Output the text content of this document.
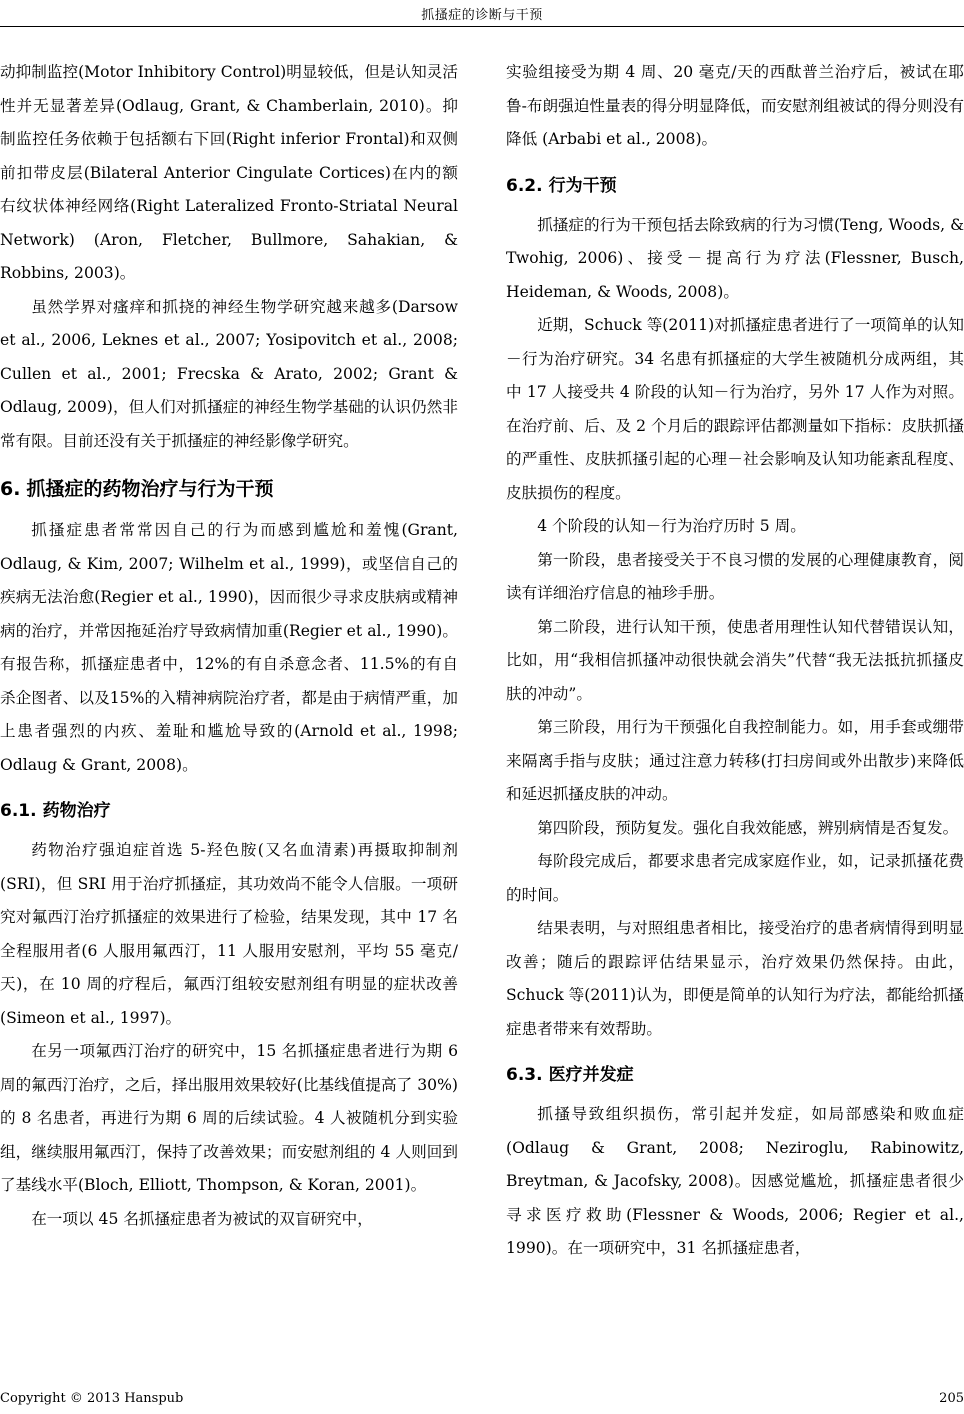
抓搔症的诊断与干预

动抑制监控(Motor Inhibitory Control)明显较低，但是认知灵活性并无显著差异(Odlaug, Grant, & Chamberlain, 2010)。抑制监控任务依赖于包括额右下回(Right inferior Frontal)和双侧前扣带皮层(Bilateral Anterior Cingulate Cortices)在内的额右纹状体神经网络(Right Lateralized Fronto-Striatal Neural Network) (Aron, Fletcher, Bullmore, Sahakian, & Robbins, 2003)。

虽然学界对瘙痒和抓挠的神经生物学研究越来越多(Darsow et al., 2006, Leknes et al., 2007; Yosipovitch et al., 2008; Cullen et al., 2001; Frecska & Arato, 2002; Grant & Odlaug, 2009)，但人们对抓搔症的神经生物学基础的认识仍然非常有限。目前还没有关于抓搔症的神经影像学研究。

6. 抓搔症的药物治疗与行为干预

抓搔症患者常常因自己的行为而感到尴尬和羞愧(Grant, Odlaug, & Kim, 2007; Wilhelm et al., 1999)，或坚信自己的疾病无法治愈(Regier et al., 1990)，因而很少寻求皮肤病或精神病的治疗，并常因拖延治疗导致病情加重(Regier et al., 1990)。有报告称，抓搔症患者中，12%的有自杀意念者、11.5%的有自杀企图者、以及15%的入精神病院治疗者，都是由于病情严重，加上患者强烈的内疚、羞耻和尴尬导致的(Arnold et al., 1998; Odlaug & Grant, 2008)。

6.1. 药物治疗

药物治疗强迫症首选 5-羟色胺(又名血清素)再摄取抑制剂(SRI)，但 SRI 用于治疗抓搔症，其功效尚不能令人信服。一项研究对氟西汀治疗抓搔症的效果进行了检验，结果发现，其中 17 名全程服用者(6 人服用氟西汀，11 人服用安慰剂，平均 55 毫克/天)，在 10 周的疗程后，氟西汀组较安慰剂组有明显的症状改善 (Simeon et al., 1997)。

在另一项氟西汀治疗的研究中，15 名抓搔症患者进行为期 6 周的氟西汀治疗，之后，择出服用效果较好(比基线值提高了 30%)的 8 名患者，再进行为期 6 周的后续试验。4 人被随机分到实验组，继续服用氟西汀，保持了改善效果；而安慰剂组的 4 人则回到了基线水平(Bloch, Elliott, Thompson, & Koran, 2001)。

在一项以 45 名抓搔症患者为被试的双盲研究中，

实验组接受为期 4 周、20 毫克/天的西酞普兰治疗后，被试在耶鲁-布朗强迫性量表的得分明显降低，而安慰剂组被试的得分则没有降低 (Arbabi et al., 2008)。

6.2. 行为干预

抓搔症的行为干预包括去除致病的行为习惯(Teng, Woods, & Twohig, 2006)、接受－提高行为疗法(Flessner, Busch, Heideman, & Woods, 2008)。

近期，Schuck 等(2011)对抓搔症患者进行了一项简单的认知－行为治疗研究。34 名患有抓搔症的大学生被随机分成两组，其中 17 人接受共 4 阶段的认知－行为治疗，另外 17 人作为对照。在治疗前、后、及 2 个月后的跟踪评估都测量如下指标：皮肤抓搔的严重性、皮肤抓搔引起的心理－社会影响及认知功能紊乱程度、皮肤损伤的程度。

4 个阶段的认知－行为治疗历时 5 周。

第一阶段，患者接受关于不良习惯的发展的心理健康教育，阅读有详细治疗信息的袖珍手册。

第二阶段，进行认知干预，使患者用理性认知代替错误认知，比如，用“我相信抓搔冲动很快就会消失”代替“我无法抵抗抓搔皮肤的冲动”。

第三阶段，用行为干预强化自我控制能力。如，用手套或绷带来隔离手指与皮肤；通过注意力转移(打扫房间或外出散步)来降低和延迟抓搔皮肤的冲动。

第四阶段，预防复发。强化自我效能感，辨别病情是否复发。

每阶段完成后，都要求患者完成家庭作业，如，记录抓搔花费的时间。

结果表明，与对照组患者相比，接受治疗的患者病情得到明显改善；随后的跟踪评估结果显示，治疗效果仍然保持。由此，Schuck 等(2011)认为，即便是简单的认知行为疗法，都能给抓搔症患者带来有效帮助。

6.3. 医疗并发症

抓搔导致组织损伤，常引起并发症，如局部感染和败血症(Odlaug & Grant, 2008; Neziroglu, Rabinowitz, Breytman, & Jacofsky, 2008)。因感觉尴尬，抓搔症患者很少寻求医疗救助(Flessner & Woods, 2006; Regier et al., 1990)。在一项研究中，31 名抓搔症患者，

Copyright © 2013 Hanspub	205
